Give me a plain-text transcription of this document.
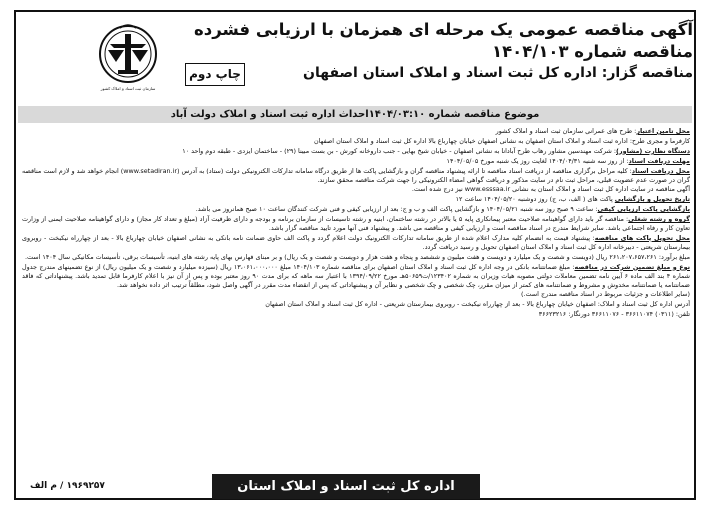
سازمان ثبت اسناد و املاک کشور
آگهی مناقصه عمومی یک مرحله ای همزمان با ارزیابی فشرده مناقصه شماره ۱۴۰۴/۱۰۳
چاپ دوم	مناقصه گزار: اداره کل ثبت اسناد و املاک استان اصفهان
موضوع مناقصه شماره ۱۴۰۴/۰۳:۱۰احداث اداره ثبت اسناد و املاک دولت آباد

محل تامین اعتبار: طرح های عمرانی سازمان ثبت اسناد و املاک کشور

کارفرما و مجری طرح: اداره ثبت اسناد و املاک استان اصفهان به نشانی اصفهان خیابان چهارباغ بالا اداره کل ثبت اسناد و املاک استان اصفهان

دستگاه نظارت (مشاور): شرکت مهندسین مشاور رهاب طرح آبادانا به نشانی اصفهان - خیابان شیخ بهایی - جنب داروخانه کورش - بن بست مبینا (۲۹) - ساختمان ایزدی - طبقه دوم واحد ۱۰

مهلت دریافت اسناد: از روز سه شنبه ۱۴۰۴/۰۴/۳۱ لغایت روز یک شنبه مورخ ۱۴۰۴/۰۵/۰۵

محل دریافت اسناد: کلیه مراحل برگزاری مناقصه از دریافت اسناد مناقصه تا ارائه پیشنهاد مناقصه گران و بازگشایی پاکت ها از طریق درگاه سامانه تدارکات الکترونیکی دولت (ستاد) به آدرس (www.setadiran.ir) انجام خواهد شد و لازم است مناقصه گران در صورت عدم عضویت قبلی، مراحل ثبت نام در سایت مذکور و دریافت گواهی امضاء الکترونیکی را جهت شرکت مناقصه محقق سازند.

آگهی مناقصه در سایت اداره کل ثبت اسناد و املاک استان به نشانی www.esssaa.ir نیز درج شده است.

تاریخ تحویل و بازگشایی پاکت های ( الف، ب، ج) روز دوشنبه ۱۴۰۴/۰۵/۲۰ ساعت ۱۲

بازگشایی پاکت ارزیابی کیفی: ساعت ۹ صبح روز سه شنبه ۱۴۰۴/۰۵/۲۱ و بازگشایی پاکت الف و ب و ج: بعد از ارزیابی کیفی و فنی شرکت کنندگان ساعت ۱۰ صبح همانروز می باشد.

گروه و رشته شغلی: مناقصه گر باید دارای گواهینامه صلاحیت معتبر پیمانکاری پایه ۵ یا بالاتر در رشته ساختمان، ابنیه و رشته تاسیسات از سازمان برنامه و بودجه و دارای ظرفیت آزاد (مبلغ و تعداد کار مجاز) و دارای گواهینامه صلاحیت ایمنی از وزارت تعاون کار و رفاه اجتماعی باشد. سایر شرایط مندرج در اسناد مناقصه است و ارزیابی کیفی و مناقصه می باشد. و پیشنهاد فنی آنها مورد تایید مناقصه گزار باشد.

محل تحویل پاکت های مناقصه: پیشنهاد قیمت به انضمام کلیه مدارک اعلام شده از طریق سامانه تدارکات الکترونیک دولت اعلام گردد و پاکت الف حاوی ضمانت نامه بانکی به نشانی اصفهان خیابان چهارباغ بالا - بعد از چهارراه نیکبخت - روبروی بیمارستان شریعتی - دبیرخانه اداره کل ثبت اسناد و املاک استان اصفهان تحویل و رسید دریافت گردد.

مبلغ برآورد: ۲۶۱،۲۰۷،۶۵۷،۲۶۱ ریال (دویست و شصت و یک میلیارد و دویست و هفت میلیون و ششصد و پنجاه و هفت هزار و دویست و شصت و یک ریال) و بر مبنای فهارس بهای پایه رشته های ابنیه، تأسیسات برقی، تأسیسات مکانیکی سال ۱۴۰۴ است.

نوع و مبلغ تضمین شرکت در مناقصه: مبلغ ضمانتنامه بانکی در وجه اداره کل ثبت اسناد و املاک استان اصفهان برای مناقصه شماره ۱۴۰۴/۱۰۳ مبلغ ۱۳،۰۶۱،۰۰۰،۰۰۰ ریال (سیزده میلیارد و شصت و یک میلیون ریال) از نوع تضمینهای مندرج جدول شماره ۴ بند الف ماده ۶ آیین نامه تضمین معاملات دولتی مصوبه هیات وزیران به شماره ۱۲۳۴۰۲/ت۵۰۶۵۹هـ مورخ ۱۳۹۴/۰۹/۲۲ با اعتبار سه ماهه که برای مدت ۹۰ روز معتبر بوده و پس از آن نیز با اعلام کارفرما قابل تمدید باشد. پیشنهاداتی که فاقد ضمانتنامه یا ضمانتنامه مخدوش و مشروط و ضمانتنامه های کمتر از میزان مقرر، چک شخصی و چک شخصی و نظایر آن و پیشنهاداتی که پس از انقضاء مدت مقرر در آگهی واصل شود، مطلقاً ترتیب اثر داده نخواهد شد.

(سایر اطلاعات و جزئیات مربوط در اسناد مناقصه مندرج است.)

آدرس اداره کل ثبت اسناد و املاک: اصفهان خیابان چهارباغ بالا - بعد از چهارراه نیکبخت - روبروی بیمارستان شریعتی - اداره کل ثبت اسناد و املاک استان اصفهان

تلفن: (۰۳۱۱) ۳۶۶۱۱۰۷۴ - ۳۶۶۱۱۰۷۶ دورنگار: ۳۶۶۲۳۲۱۶

۱۹۶۹۲۵۷ / م الف	اداره کل ثبت اسناد و املاک استان اصفهان
